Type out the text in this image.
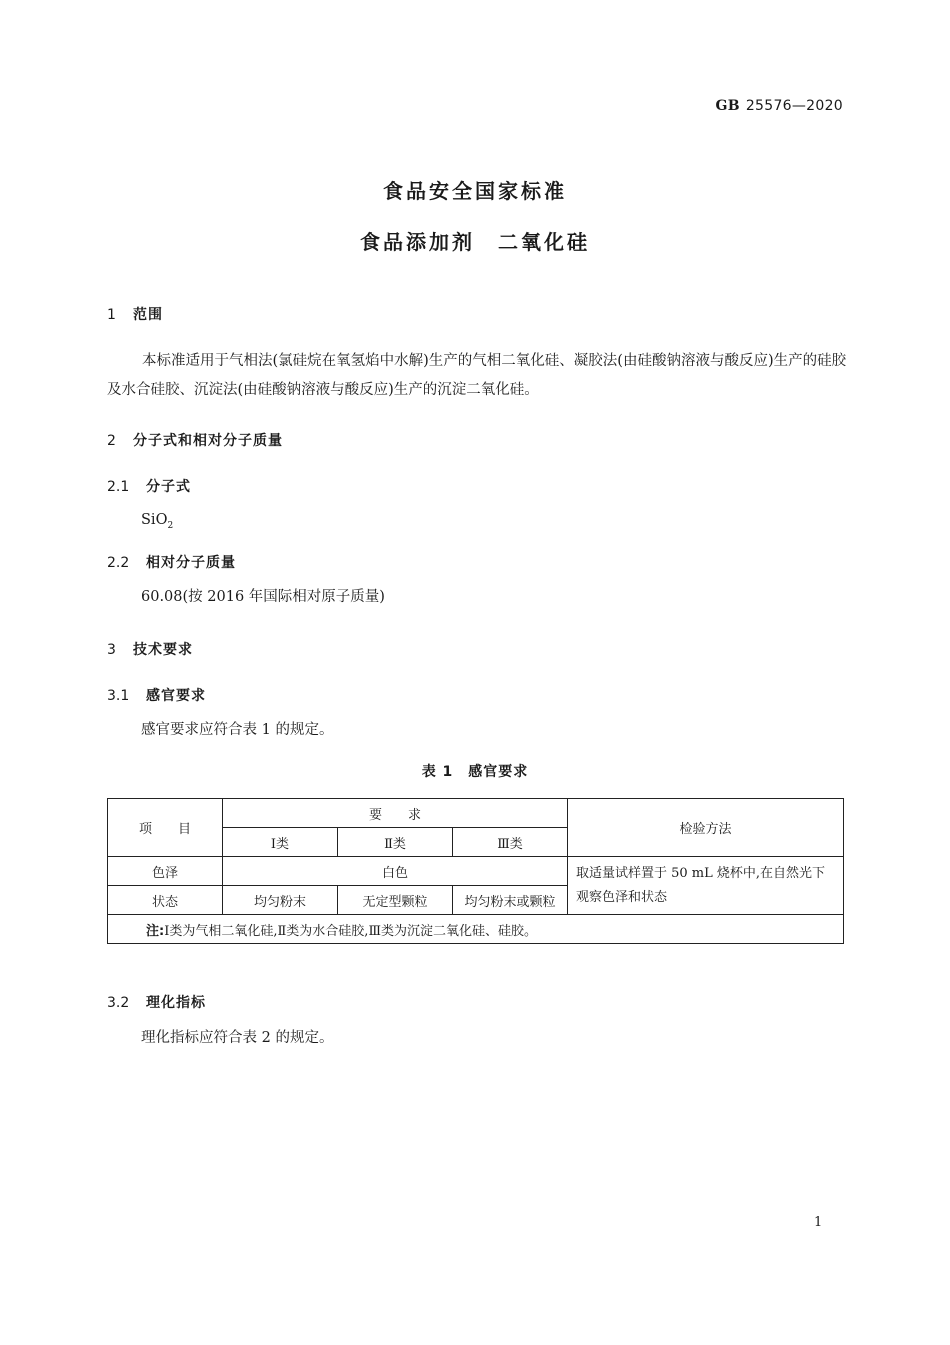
GB 25576—2020
食品安全国家标准
食品添加剂　二氧化硅
1 范围
本标准适用于气相法(氯硅烷在氧氢焰中水解)生产的气相二氧化硅、凝胶法(由硅酸钠溶液与酸反应)生产的硅胶及水合硅胶、沉淀法(由硅酸钠溶液与酸反应)生产的沉淀二氧化硅。
2 分子式和相对分子质量
2.1 分子式
SiO$_2$
2.2 相对分子质量
60.08(按 2016 年国际相对原子质量)
3 技术要求
3.1 感官要求
感官要求应符合表 1 的规定。
表 1　感官要求
项　　目	要　　求			检验方法
	Ⅰ类	Ⅱ类	Ⅲ类	
色泽	白色			取适量试样置于 50 mL 烧杯中,在自然光下观察色泽和状态
状态	均匀粉末	无定型颗粒	均匀粉末或颗粒	
注:Ⅰ类为气相二氧化硅,Ⅱ类为水合硅胶,Ⅲ类为沉淀二氧化硅、硅胶。				
3.2 理化指标
理化指标应符合表 2 的规定。
1
